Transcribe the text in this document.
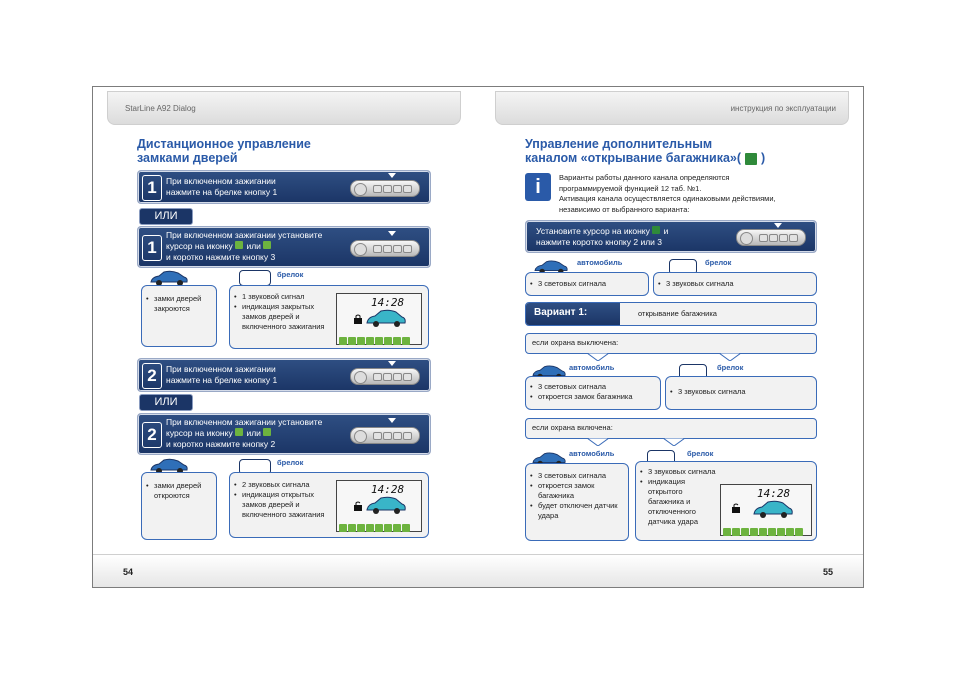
StarLine A92 Dialog	инструкция по эксплуатации
Дистанционное управление
замками дверей
1	При включенном зажигании
нажмите на брелке кнопку 1
ИЛИ
1
При включенном зажигании установите
курсор на иконку или
и коротко нажмите кнопку 3
• замки дверей закроются
брелок
• 1 звуковой сигнал
• индикация закрытых замков дверей и включенного зажигания
14:28
2	При включенном зажигании
нажмите на брелке кнопку 1
ИЛИ
2
При включенном зажигании установите
курсор на иконку или
и коротко нажмите кнопку 2
• замки дверей откроются
брелок
• 2 звуковых сигнала
• индикация открытых замков дверей и включенного зажигания
14:28
Управление дополнительным
каналом «открывание багажника»( )
i	Варианты работы данного канала определяются
программируемой функцией 12 таб. №1.
Активация канала осуществляется одинаковыми действиями,
независимо от выбранного варианта:
Установите курсор на иконку и
нажмите коротко кнопку 2 или 3
автомобиль
• 3 световых сигнала
брелок
• 3 звуковых сигнала
Вариант 1:	открывание багажника
если охрана выключена:
автомобиль
• 3 световых сигнала
• откроется замок багажника
брелок
• 3 звуковых сигнала
если охрана включена:
автомобиль
• 3 световых сигнала
• откроется замок багажника
• будет отключен датчик удара
брелок
• 3 звуковых сигнала
• индикация открытого багажника и отключенного датчика удара
14:28
54	55
